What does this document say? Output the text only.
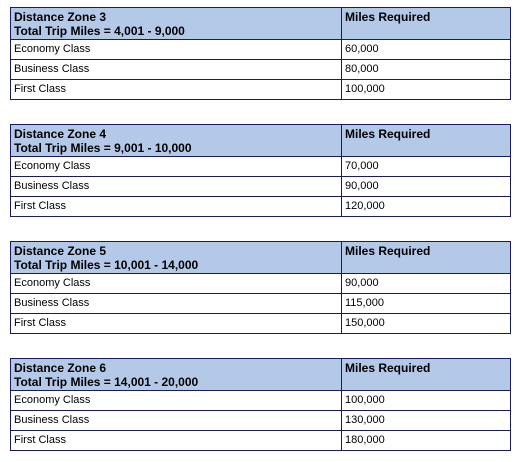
Distance Zone 3
Total Trip Miles = 4,001 - 9,000	Miles Required
Economy Class	60,000
Business Class	80,000
First Class	100,000
Distance Zone 4
Total Trip Miles = 9,001 - 10,000	Miles Required
Economy Class	70,000
Business Class	90,000
First Class	120,000
Distance Zone 5
Total Trip Miles = 10,001 - 14,000	Miles Required
Economy Class	90,000
Business Class	115,000
First Class	150,000
Distance Zone 6
Total Trip Miles = 14,001 - 20,000	Miles Required
Economy Class	100,000
Business Class	130,000
First Class	180,000
